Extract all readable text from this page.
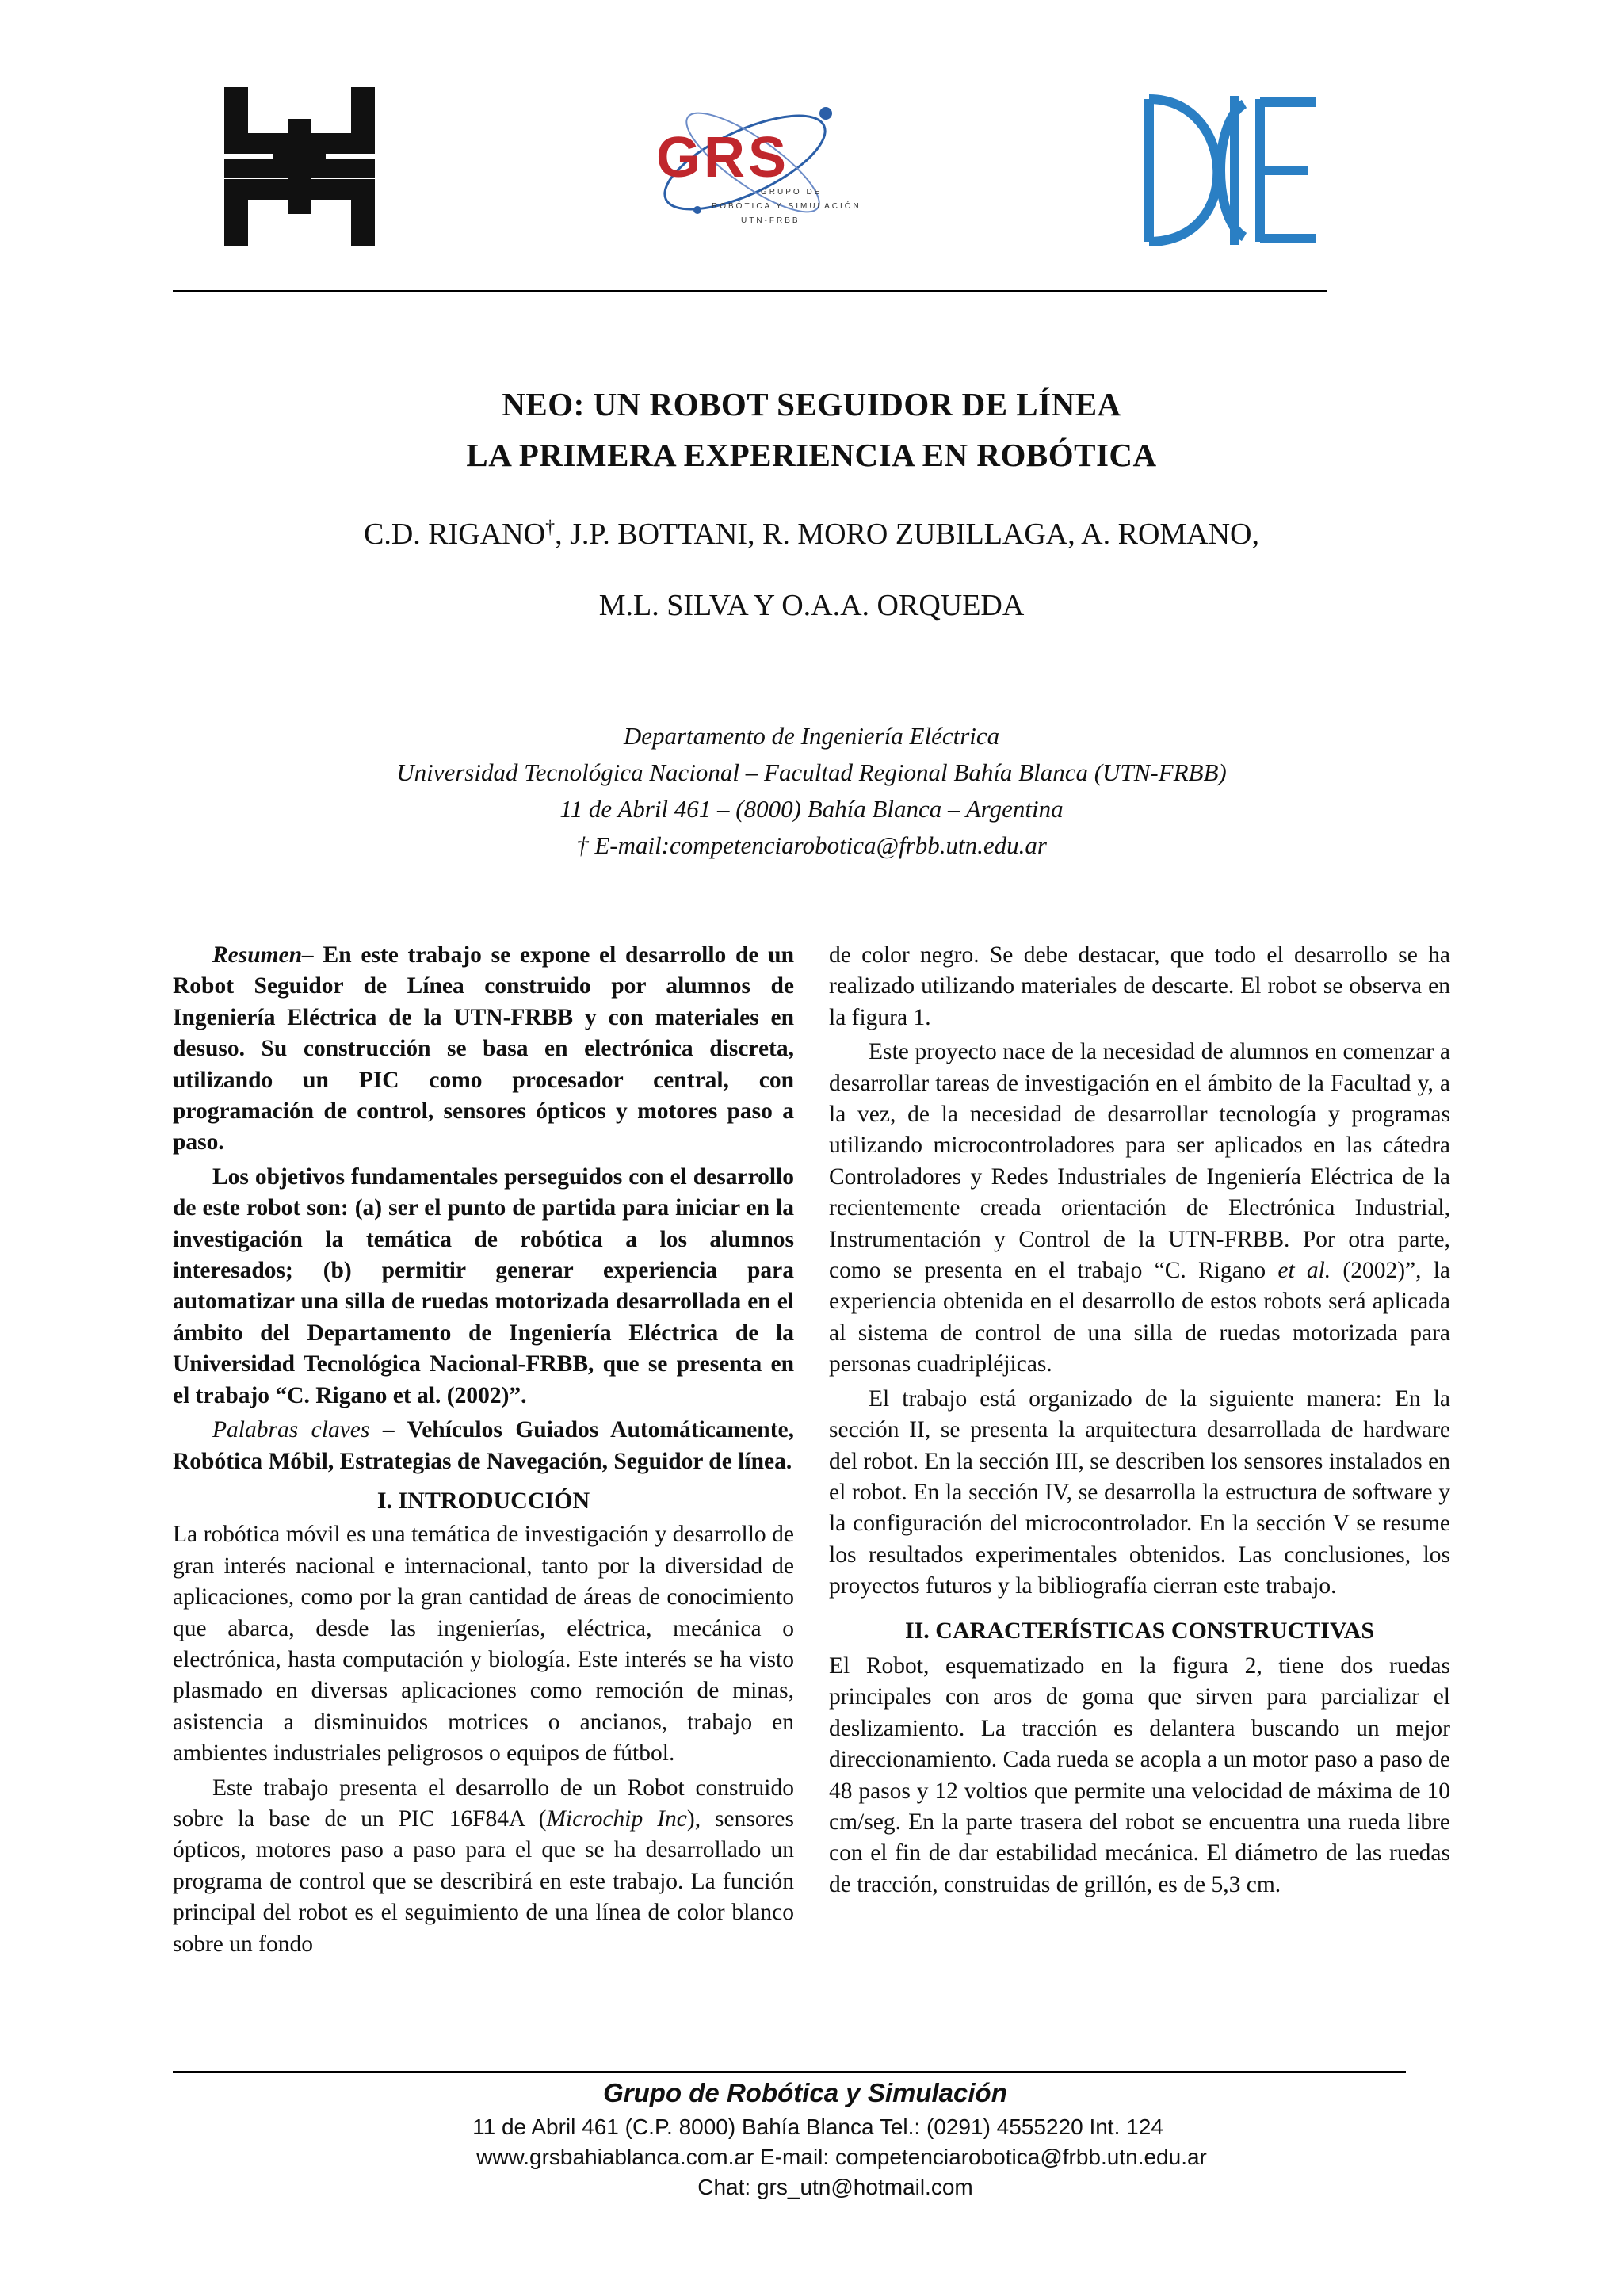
GRS
GRUPO DE
ROBÓTICA Y SIMULACIÓN
UTN-FRBB
NEO: UN ROBOT SEGUIDOR DE LÍNEA
LA PRIMERA EXPERIENCIA EN ROBÓTICA
C.D. RIGANO†, J.P. BOTTANI, R. MORO ZUBILLAGA, A. ROMANO,
M.L. SILVA Y O.A.A. ORQUEDA
Departamento de Ingeniería Eléctrica
Universidad Tecnológica Nacional – Facultad Regional Bahía Blanca (UTN-FRBB)
11 de Abril 461 – (8000) Bahía Blanca – Argentina
† E-mail:competenciarobotica@frbb.utn.edu.ar

Resumen– En este trabajo se expone el desarrollo de un Robot Seguidor de Línea construido por alumnos de Ingeniería Eléctrica de la UTN-FRBB y con materiales en desuso. Su construcción se basa en electrónica discreta, utilizando un PIC como procesador central, con programación de control, sensores ópticos y motores paso a paso.

Los objetivos fundamentales perseguidos con el desarrollo de este robot son: (a) ser el punto de partida para iniciar en la investigación la temática de robótica a los alumnos interesados; (b) permitir generar experiencia para automatizar una silla de ruedas motorizada desarrollada en el ámbito del Departamento de Ingeniería Eléctrica de la Universidad Tecnológica Nacional-FRBB, que se presenta en el trabajo “C. Rigano et al. (2002)”.

Palabras claves – Vehículos Guiados Automáticamente, Robótica Móbil, Estrategias de Navegación, Seguidor de línea.

I. INTRODUCCIÓN

La robótica móvil es una temática de investigación y desarrollo de gran interés nacional e internacional, tanto por la diversidad de aplicaciones, como por la gran cantidad de áreas de conocimiento que abarca, desde las ingenierías, eléctrica, mecánica o electrónica, hasta computación y biología. Este interés se ha visto plasmado en diversas aplicaciones como remoción de minas, asistencia a disminuidos motrices o ancianos, trabajo en ambientes industriales peligrosos o equipos de fútbol.

Este trabajo presenta el desarrollo de un Robot construido sobre la base de un PIC 16F84A (Microchip Inc), sensores ópticos, motores paso a paso para el que se ha desarrollado un programa de control que se describirá en este trabajo. La función principal del robot es el seguimiento de una línea de color blanco sobre un fondo

de color negro. Se debe destacar, que todo el desarrollo se ha realizado utilizando materiales de descarte. El robot se observa en la figura 1.

Este proyecto nace de la necesidad de alumnos en comenzar a desarrollar tareas de investigación en el ámbito de la Facultad y, a la vez, de la necesidad de desarrollar tecnología y programas utilizando microcontroladores para ser aplicados en las cátedra Controladores y Redes Industriales de Ingeniería Eléctrica de la recientemente creada orientación de Electrónica Industrial, Instrumentación y Control de la UTN-FRBB. Por otra parte, como se presenta en el trabajo “C. Rigano et al. (2002)”, la experiencia obtenida en el desarrollo de estos robots será aplicada al sistema de control de una silla de ruedas motorizada para personas cuadripléjicas.

El trabajo está organizado de la siguiente manera: En la sección II, se presenta la arquitectura desarrollada de hardware del robot. En la sección III, se describen los sensores instalados en el robot. En la sección IV, se desarrolla la estructura de software y la configuración del microcontrolador. En la sección V se resume los resultados experimentales obtenidos. Las conclusiones, los proyectos futuros y la bibliografía cierran este trabajo.

II. CARACTERÍSTICAS CONSTRUCTIVAS

El Robot, esquematizado en la figura 2, tiene dos ruedas principales con aros de goma que sirven para parcializar el deslizamiento. La tracción es delantera buscando un mejor direccionamiento. Cada rueda se acopla a un motor paso a paso de 48 pasos y 12 voltios que permite una velocidad de máxima de 10 cm/seg. En la parte trasera del robot se encuentra una rueda libre con el fin de dar estabilidad mecánica. El diámetro de las ruedas de tracción, construidas de grillón, es de 5,3 cm.

Grupo de Robótica y Simulación
11 de Abril 461 (C.P. 8000) Bahía Blanca Tel.: (0291) 4555220 Int. 124
www.grsbahiablanca.com.ar E-mail: competenciarobotica@frbb.utn.edu.ar
Chat: grs_utn@hotmail.com
